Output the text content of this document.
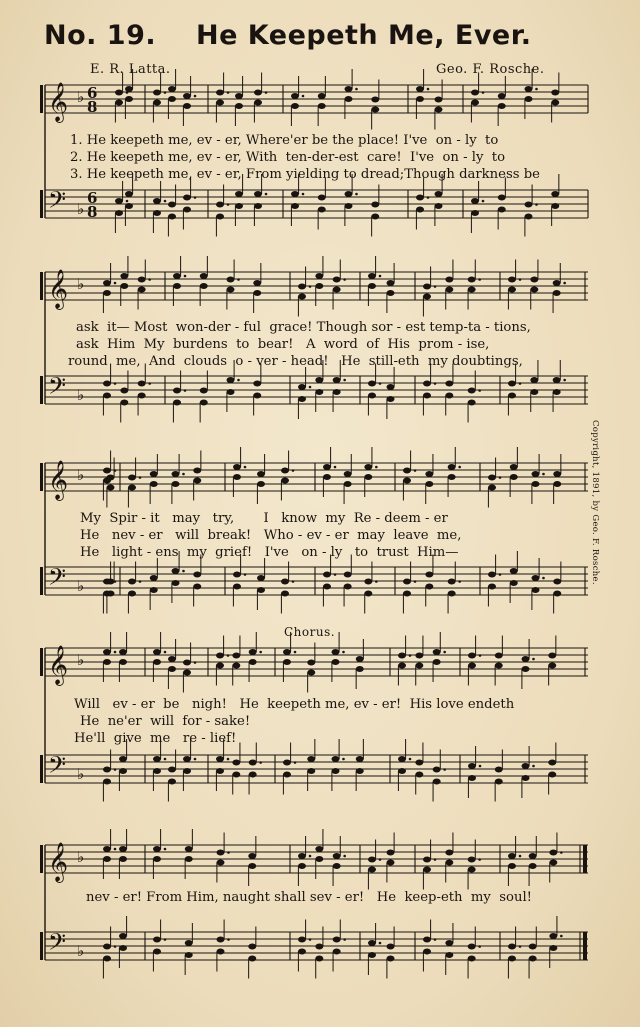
No. 19. He Keepeth Me, Ever.
E. R. Latta.	Geo. F. Rosche.
𝄞
𝄢
♭
♭
6
8
6
8
𝄞
𝄢
♭
♭
𝄞
𝄢
♭
♭
𝄞
𝄢
♭
♭
𝄞
𝄢
♭
♭
Chorus.
Copyright, 1891, by Geo. F. Rosche.
1. He keepeth me, ev - er, Where'er be the place! I've  on - ly  to
2. He keepeth me, ev - er, With  ten-der-est  care!  I've  on - ly  to
3. He keepeth me, ev - er, From yielding to dread;Though darkness be
ask  it— Most  won-der - ful  grace! Though sor - est temp-ta - tions,
ask  Him  My  burdens  to  bear!   A  word  of  His  prom - ise,
round  me,  And  clouds  o - ver - head!   He  still-eth  my doubtings,
My  Spir - it   may   try,       I   know  my  Re - deem - er
He   nev - er   will  break!   Who - ev - er  may  leave  me,
He   light - ens  my  grief!   I've   on - ly   to  trust  Him—
Will   ev - er  be   nigh!   He  keepeth me, ev - er!  His love endeth
He  ne'er  will  for - sake!
He'll  give  me   re - lief!
nev - er! From Him, naught shall sev - er!   He  keep-eth  my  soul!
